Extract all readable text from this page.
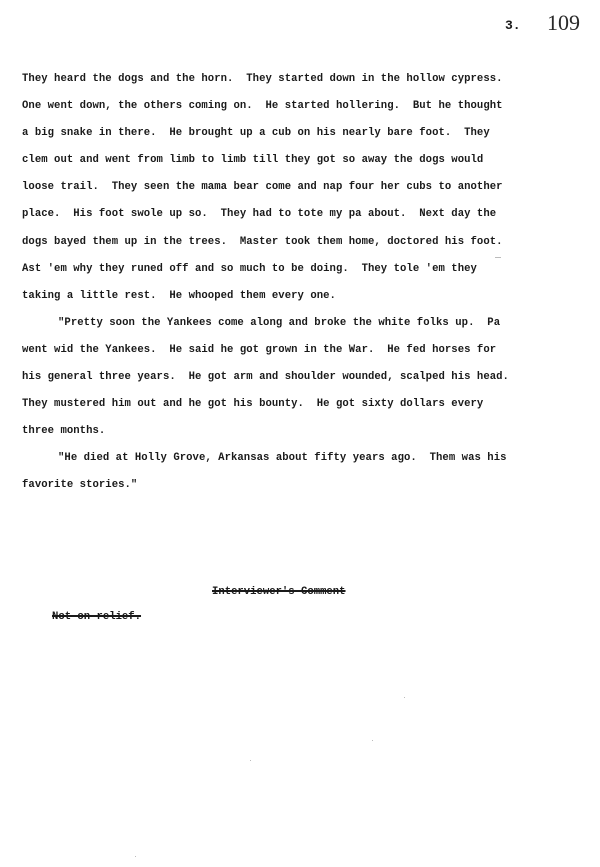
3. 109
They heard the dogs and the horn.  They started down in the hollow cypress.
One went down, the others coming on.  He started hollering.  But he thought
a big snake in there.  He brought up a cub on his nearly bare foot.  They
clem out and went from limb to limb till they got so away the dogs would
loose trail.  They seen the mama bear come and nap four her cubs to another
place.  His foot swole up so.  They had to tote my pa about.  Next day the
dogs bayed them up in the trees.  Master took them home, doctored his foot.
Ast 'em why they runed off and so much to be doing.  They tole 'em they
taking a little rest.  He whooped them every one.
"Pretty soon the Yankees come along and broke the white folks up.  Pa
went wid the Yankees.  He said he got grown in the War.  He fed horses for
his general three years.  He got arm and shoulder wounded, scalped his head.
They mustered him out and he got his bounty.  He got sixty dollars every
three months.
"He died at Holly Grove, Arkansas about fifty years ago.  Them was his
favorite stories."
Interviewer's Comment
Not on relief.
